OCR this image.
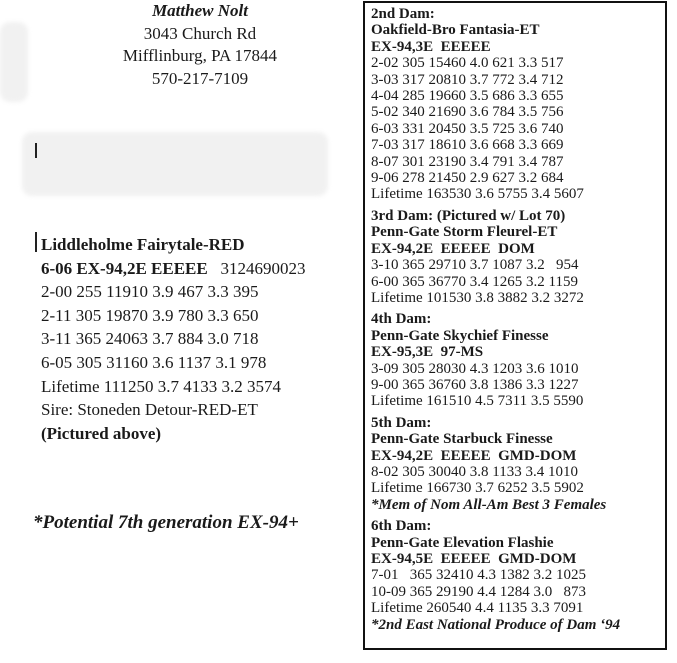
Matthew Nolt
3043 Church Rd
Mifflinburg, PA 17844
570-217-7109
Liddleholme Fairytale-RED
6-06 EX-94,2E EEEEE 3124690023
2-00 255 11910 3.9 467 3.3 395
2-11 305 19870 3.9 780 3.3 650
3-11 365 24063 3.7 884 3.0 718
6-05 305 31160 3.6 1137 3.1 978
Lifetime 111250 3.7 4133 3.2 3574
Sire: Stoneden Detour-RED-ET
(Pictured above)
*Potential 7th generation EX-94+
2nd Dam:
Oakfield-Bro Fantasia-ET
EX-94,3E  EEEEE
2-02 305 15460 4.0 621 3.3 517
3-03 317 20810 3.7 772 3.4 712
4-04 285 19660 3.5 686 3.3 655
5-02 340 21690 3.6 784 3.5 756
6-03 331 20450 3.5 725 3.6 740
7-03 317 18610 3.6 668 3.3 669
8-07 301 23190 3.4 791 3.4 787
9-06 278 21450 2.9 627 3.2 684
Lifetime 163530 3.6 5755 3.4 5607
3rd Dam: (Pictured w/ Lot 70)
Penn-Gate Storm Fleurel-ET
EX-94,2E  EEEEE  DOM
3-10 365 29710 3.7 1087 3.2   954
6-00 365 36770 3.4 1265 3.2 1159
Lifetime 101530 3.8 3882 3.2 3272
4th Dam:
Penn-Gate Skychief Finesse
EX-95,3E  97-MS
3-09 305 28030 4.3 1203 3.6 1010
9-00 365 36760 3.8 1386 3.3 1227
Lifetime 161510 4.5 7311 3.5 5590
5th Dam:
Penn-Gate Starbuck Finesse
EX-94,2E  EEEEE  GMD-DOM
8-02 305 30040 3.8 1133 3.4 1010
Lifetime 166730 3.7 6252 3.5 5902
*Mem of Nom All-Am Best 3 Females
6th Dam:
Penn-Gate Elevation Flashie
EX-94,5E  EEEEE  GMD-DOM
7-01   365 32410 4.3 1382 3.2 1025
10-09 365 29190 4.4 1284 3.0   873
Lifetime 260540 4.4 1135 3.3 7091
*2nd East National Produce of Dam ‘94
